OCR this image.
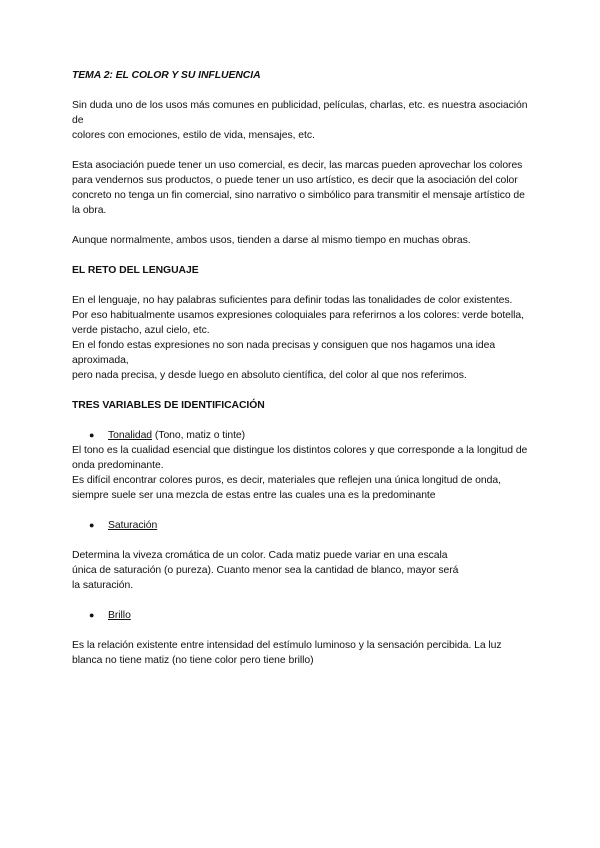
TEMA 2: EL COLOR Y SU INFLUENCIA
Sin duda uno de los usos más comunes en publicidad, películas, charlas, etc. es nuestra asociación
de
colores con emociones, estilo de vida, mensajes, etc.
Esta asociación puede tener un uso comercial, es decir, las marcas pueden aprovechar los colores
para vendernos sus productos, o puede tener un uso artístico, es decir que la asociación del color
concreto no tenga un fin comercial, sino narrativo o simbólico para transmitir el mensaje artístico de
la obra.
Aunque normalmente, ambos usos, tienden a darse al mismo tiempo en muchas obras.
EL RETO DEL LENGUAJE
En el lenguaje, no hay palabras suficientes para definir todas las tonalidades de color existentes.
Por eso habitualmente usamos expresiones coloquiales para referirnos a los colores: verde botella,
verde pistacho, azul cielo, etc.
En el fondo estas expresiones no son nada precisas y consiguen que nos hagamos una idea
aproximada,
pero nada precisa, y desde luego en absoluto científica, del color al que nos referimos.
TRES VARIABLES DE IDENTIFICACIÓN
● Tonalidad (Tono, matiz o tinte)
El tono es la cualidad esencial que distingue los distintos colores y que corresponde a la longitud de
onda predominante.
Es difícil encontrar colores puros, es decir, materiales que reflejen una única longitud de onda,
siempre suele ser una mezcla de estas entre las cuales una es la predominante
● Saturación
Determina la viveza cromática de un color. Cada matiz puede variar en una escala
única de saturación (o pureza). Cuanto menor sea la cantidad de blanco, mayor será
la saturación.
● Brillo
Es la relación existente entre intensidad del estímulo luminoso y la sensación percibida. La luz
blanca no tiene matiz (no tiene color pero tiene brillo)
